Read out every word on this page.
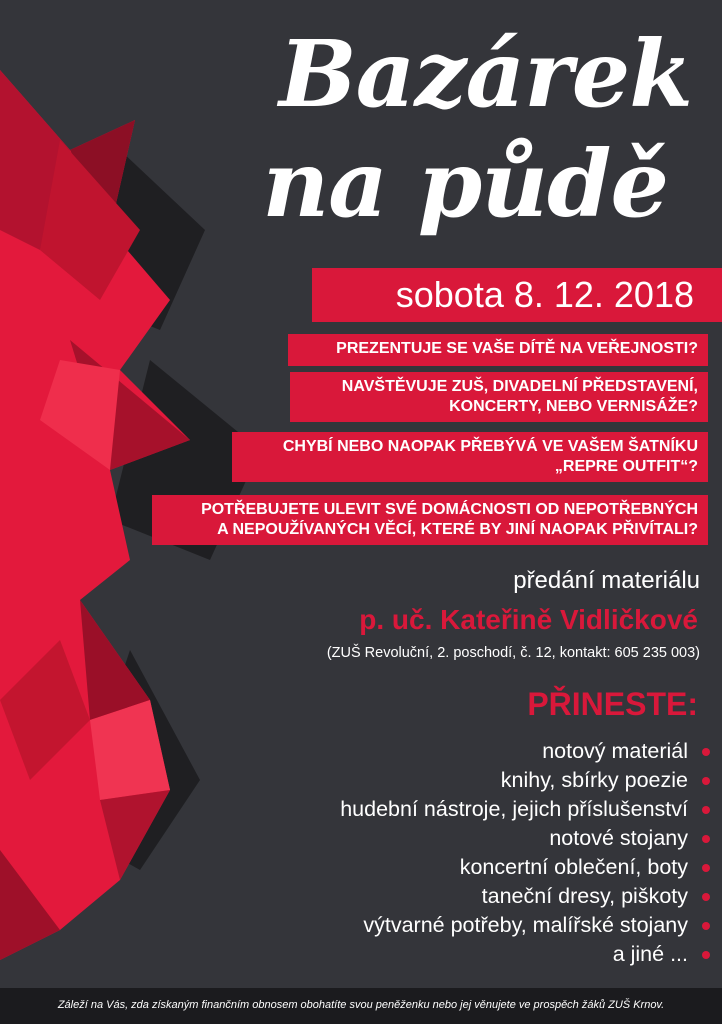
Bazárek
na půdě
sobota 8. 12. 2018
PREZENTUJE SE VAŠE DÍTĚ NA VEŘEJNOSTI?
NAVŠTĚVUJE ZUŠ, DIVADELNÍ PŘEDSTAVENÍ,
KONCERTY, NEBO VERNISÁŽE?
CHYBÍ NEBO NAOPAK PŘEBÝVÁ VE VAŠEM ŠATNÍKU
„REPRE OUTFIT“?
POTŘEBUJETE ULEVIT SVÉ DOMÁCNOSTI OD NEPOTŘEBNÝCH
A NEPOUŽÍVANÝCH VĚCÍ, KTERÉ BY JINÍ NAOPAK PŘIVÍTALI?
předání materiálu
p. uč. Kateřině Vidličkové
(ZUŠ Revoluční, 2. poschodí, č. 12, kontakt: 605 235 003)
PŘINESTE:
notový materiál
knihy, sbírky poezie
hudební nástroje, jejich příslušenství
notové stojany
koncertní oblečení, boty
taneční dresy, piškoty
výtvarné potřeby, malířské stojany
a jiné ...
Záleží na Vás, zda získaným finančním obnosem obohatíte svou peněženku nebo jej věnujete ve prospěch žáků ZUŠ Krnov.
